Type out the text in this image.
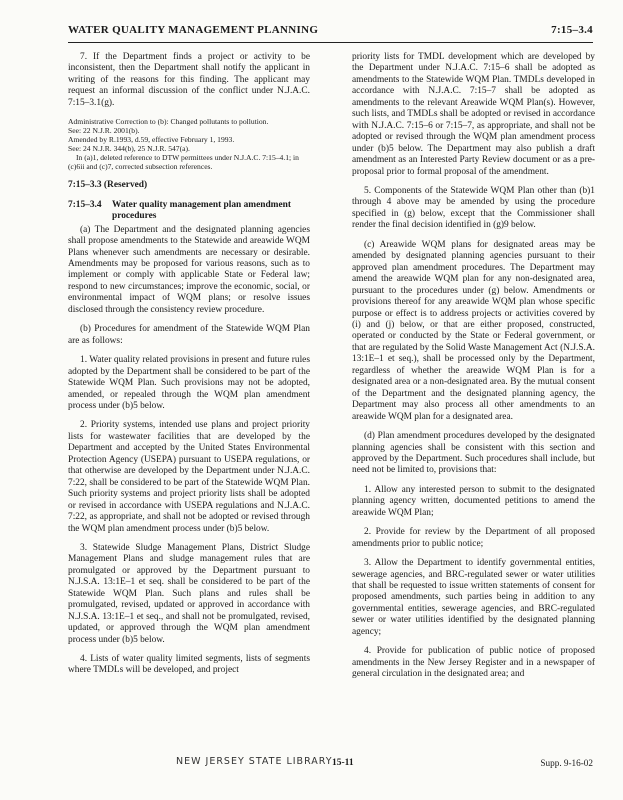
WATER QUALITY MANAGEMENT PLANNING	7:15–3.4

7. If the Department finds a project or activity to be inconsistent, then the Department shall notify the applicant in writing of the reasons for this finding. The applicant may request an informal discussion of the conflict under N.J.A.C. 7:15–3.1(g).

Administrative Correction to (b): Changed pollutants to pollution.
See: 22 N.J.R. 2001(b).
Amended by R.1993, d.59, effective February 1, 1993.
See: 24 N.J.R. 344(b), 25 N.J.R. 547(a).
In (a)1, deleted reference to DTW permittees under N.J.A.C. 7:15–4.1; in (c)6ii and (c)7, corrected subsection references.
7:15–3.3 (Reserved)
7:15–3.4	Water quality management plan amendment procedures

(a) The Department and the designated planning agencies shall propose amendments to the Statewide and areawide WQM Plans whenever such amendments are necessary or desirable. Amendments may be proposed for various reasons, such as to implement or comply with applicable State or Federal law; respond to new circumstances; improve the economic, social, or environmental impact of WQM plans; or resolve issues disclosed through the consistency review procedure.

(b) Procedures for amendment of the Statewide WQM Plan are as follows:

1. Water quality related provisions in present and future rules adopted by the Department shall be considered to be part of the Statewide WQM Plan. Such provisions may not be adopted, amended, or repealed through the WQM plan amendment process under (b)5 below.

2. Priority systems, intended use plans and project priority lists for wastewater facilities that are developed by the Department and accepted by the United States Environmental Protection Agency (USEPA) pursuant to USEPA regulations, or that otherwise are developed by the Department under N.J.A.C. 7:22, shall be considered to be part of the Statewide WQM Plan. Such priority systems and project priority lists shall be adopted or revised in accordance with USEPA regulations and N.J.A.C. 7:22, as appropriate, and shall not be adopted or revised through the WQM plan amendment process under (b)5 below.

3. Statewide Sludge Management Plans, District Sludge Management Plans and sludge management rules that are promulgated or approved by the Department pursuant to N.J.S.A. 13:1E–1 et seq. shall be considered to be part of the Statewide WQM Plan. Such plans and rules shall be promulgated, revised, updated or approved in accordance with N.J.S.A. 13:1E–1 et seq., and shall not be promulgated, revised, updated, or approved through the WQM plan amendment process under (b)5 below.

4. Lists of water quality limited segments, lists of segments where TMDLs will be developed, and project

priority lists for TMDL development which are developed by the Department under N.J.A.C. 7:15–6 shall be adopted as amendments to the Statewide WQM Plan. TMDLs developed in accordance with N.J.A.C. 7:15–7 shall be adopted as amendments to the relevant Areawide WQM Plan(s). However, such lists, and TMDLs shall be adopted or revised in accordance with N.J.A.C. 7:15–6 or 7:15–7, as appropriate, and shall not be adopted or revised through the WQM plan amendment process under (b)5 below. The Department may also publish a draft amendment as an Interested Party Review document or as a pre-proposal prior to formal proposal of the amendment.

5. Components of the Statewide WQM Plan other than (b)1 through 4 above may be amended by using the procedure specified in (g) below, except that the Commissioner shall render the final decision identified in (g)9 below.

(c) Areawide WQM plans for designated areas may be amended by designated planning agencies pursuant to their approved plan amendment procedures. The Department may amend the areawide WQM plan for any non-designated area, pursuant to the procedures under (g) below. Amendments or provisions thereof for any areawide WQM plan whose specific purpose or effect is to address projects or activities covered by (i) and (j) below, or that are either proposed, constructed, operated or conducted by the State or Federal government, or that are regulated by the Solid Waste Management Act (N.J.S.A. 13:1E–1 et seq.), shall be processed only by the Department, regardless of whether the areawide WQM Plan is for a designated area or a non-designated area. By the mutual consent of the Department and the designated planning agency, the Department may also process all other amendments to an areawide WQM plan for a designated area.

(d) Plan amendment procedures developed by the designated planning agencies shall be consistent with this section and approved by the Department. Such procedures shall include, but need not be limited to, provisions that:

1. Allow any interested person to submit to the designated planning agency written, documented petitions to amend the areawide WQM Plan;

2. Provide for review by the Department of all proposed amendments prior to public notice;

3. Allow the Department to identify governmental entities, sewerage agencies, and BRC-regulated sewer or water utilities that shall be requested to issue written statements of consent for proposed amendments, such parties being in addition to any governmental entities, sewerage agencies, and BRC-regulated sewer or water utilities identified by the designated planning agency;

4. Provide for publication of public notice of proposed amendments in the New Jersey Register and in a newspaper of general circulation in the designated area; and

NEW JERSEY STATE LIBRARY 15-11	Supp. 9-16-02
